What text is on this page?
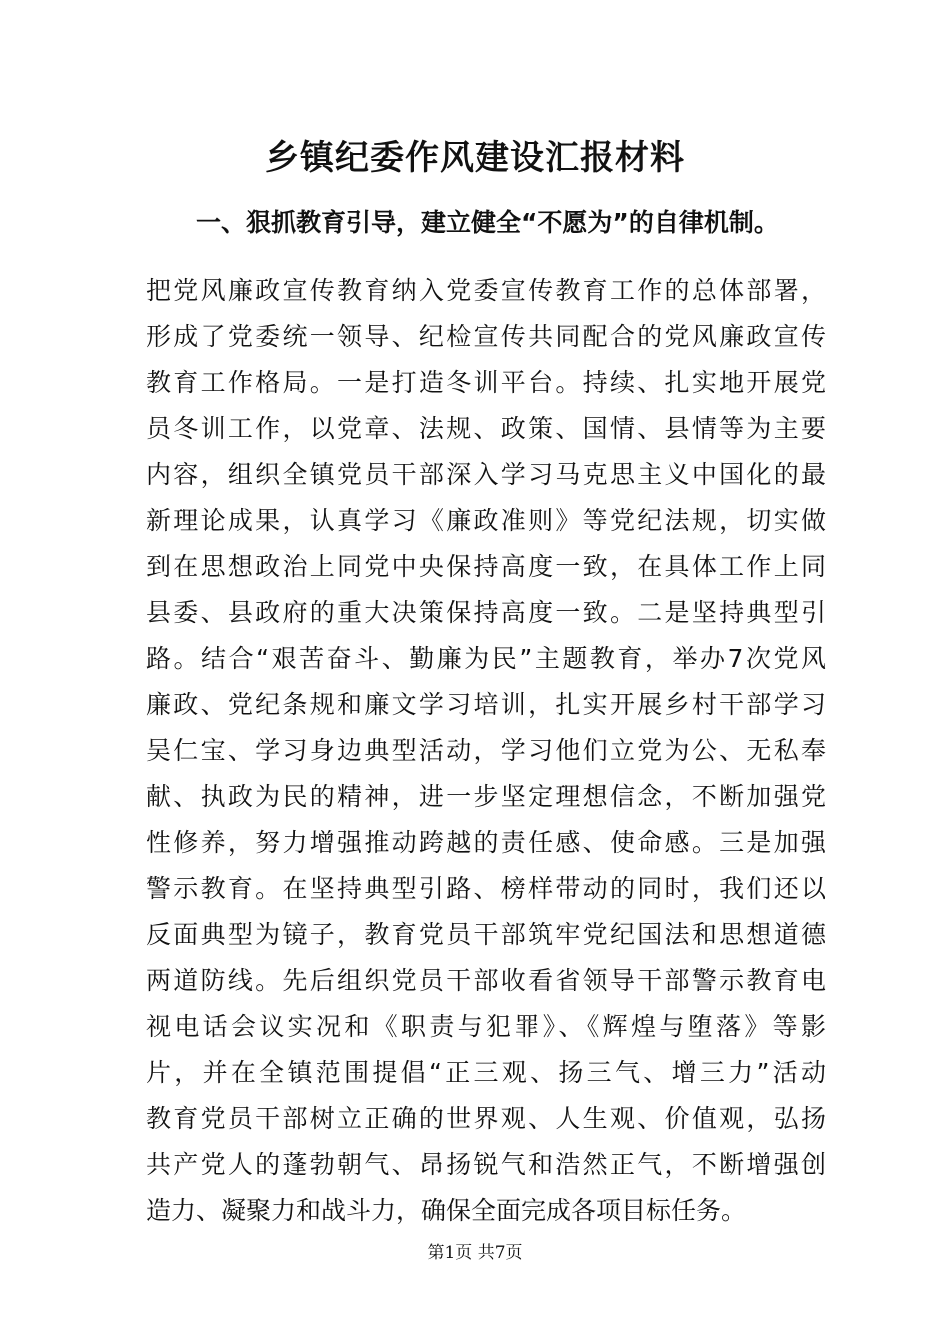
乡镇纪委作风建设汇报材料

一、狠抓教育引导，建立健全“不愿为”的自律机制。

把党风廉政宣传教育纳入党委宣传教育工作的总体部署，
形成了党委统一领导、纪检宣传共同配合的党风廉政宣传
教育工作格局。一是打造冬训平台。持续、扎实地开展党
员冬训工作，以党章、法规、政策、国情、县情等为主要
内容，组织全镇党员干部深入学习马克思主义中国化的最
新理论成果，认真学习《廉政准则》等党纪法规，切实做
到在思想政治上同党中央保持高度一致，在具体工作上同
县委、县政府的重大决策保持高度一致。二是坚持典型引
路。结合“艰苦奋斗、勤廉为民”主题教育，举办7次党风
廉政、党纪条规和廉文学习培训，扎实开展乡村干部学习
吴仁宝、学习身边典型活动，学习他们立党为公、无私奉
献、执政为民的精神，进一步坚定理想信念，不断加强党
性修养，努力增强推动跨越的责任感、使命感。三是加强
警示教育。在坚持典型引路、榜样带动的同时，我们还以
反面典型为镜子，教育党员干部筑牢党纪国法和思想道德
两道防线。先后组织党员干部收看省领导干部警示教育电
视电话会议实况和《职责与犯罪》、《辉煌与堕落》等影
片，并在全镇范围提倡“正三观、扬三气、增三力”活动
教育党员干部树立正确的世界观、人生观、价值观，弘扬
共产党人的蓬勃朝气、昂扬锐气和浩然正气，不断增强创
造力、凝聚力和战斗力，确保全面完成各项目标任务。

第1页 共7页
